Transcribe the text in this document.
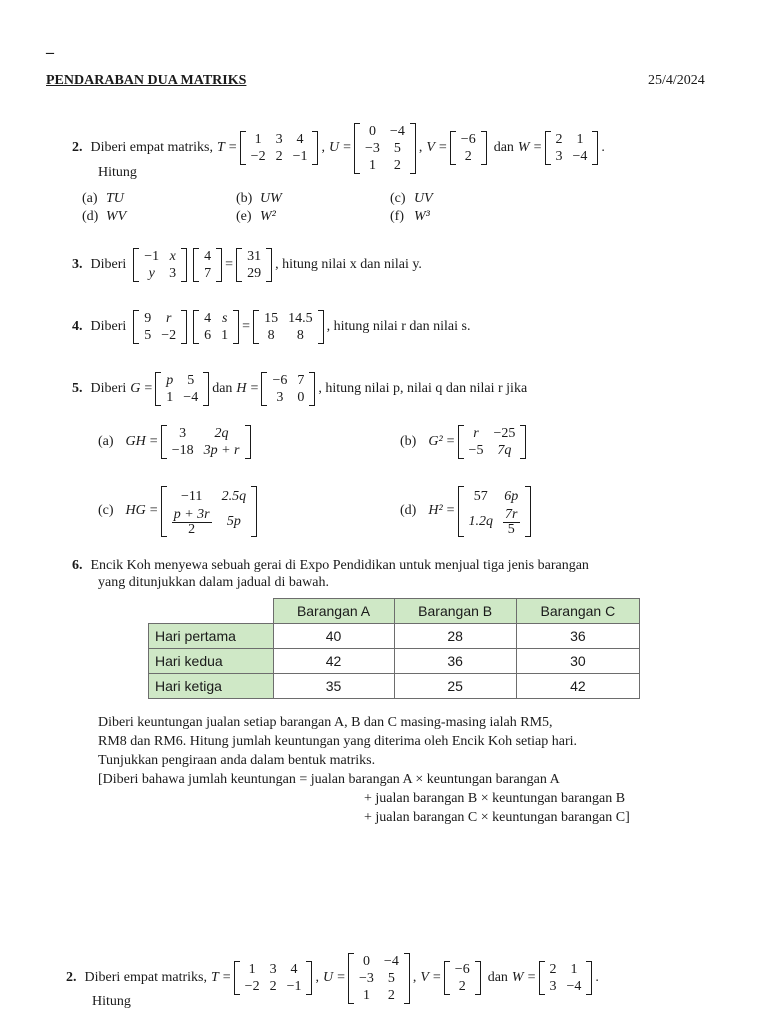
–
PENDARABAN DUA MATRIKS	25/4/2024
2. Diberi empat matriks, T =
1	3	4
−2	2	−1
, U =
0	−4
−3	5
1	2
, V =
−6
2
dan W =
2	1
3	−4
.
Hitung
(a) TU	(b) UW	(c) UV
(d) WV	(e) W²	(f) W³
3. Diberi
−1	x
y	3
4
7
=
31
29
, hitung nilai x dan nilai y.
4. Diberi
9	r
5	−2
4	s
6	1
=
15	14.5
8	8
, hitung nilai r dan nilai s.
5. Diberi G =
p	5
1	−4
dan H =
−6	7
3	0
, hitung nilai p, nilai q dan nilai r jika
(a) GH =
3	2q
−18	3p + r
(b) G² =
r	−25
−5	7q
(c) HG =
−11	2.5q

$\frac{p + 3r}{2}$	5p
(d) H² =
57	6p
1.2q	$\frac{7r}{5}$
6. Encik Koh menyewa sebuah gerai di Expo Pendidikan untuk menjual tiga jenis barangan
yang ditunjukkan dalam jadual di bawah.
	Barangan A	Barangan B	Barangan C
Hari pertama	40	28	36
Hari kedua	42	36	30
Hari ketiga	35	25	42
Diberi keuntungan jualan setiap barangan A, B dan C masing-masing ialah RM5,
RM8 dan RM6. Hitung jumlah keuntungan yang diterima oleh Encik Koh setiap hari.
Tunjukkan pengiraan anda dalam bentuk matriks.
[Diberi bahawa jumlah keuntungan = jualan barangan A × keuntungan barangan A
+ jualan barangan B × keuntungan barangan B
+ jualan barangan C × keuntungan barangan C]
2. Diberi empat matriks, T =
1	3	4
−2	2	−1
, U =
0	−4
−3	5
1	2
, V =
−6
2
dan W =
2	1
3	−4
.
Hitung
